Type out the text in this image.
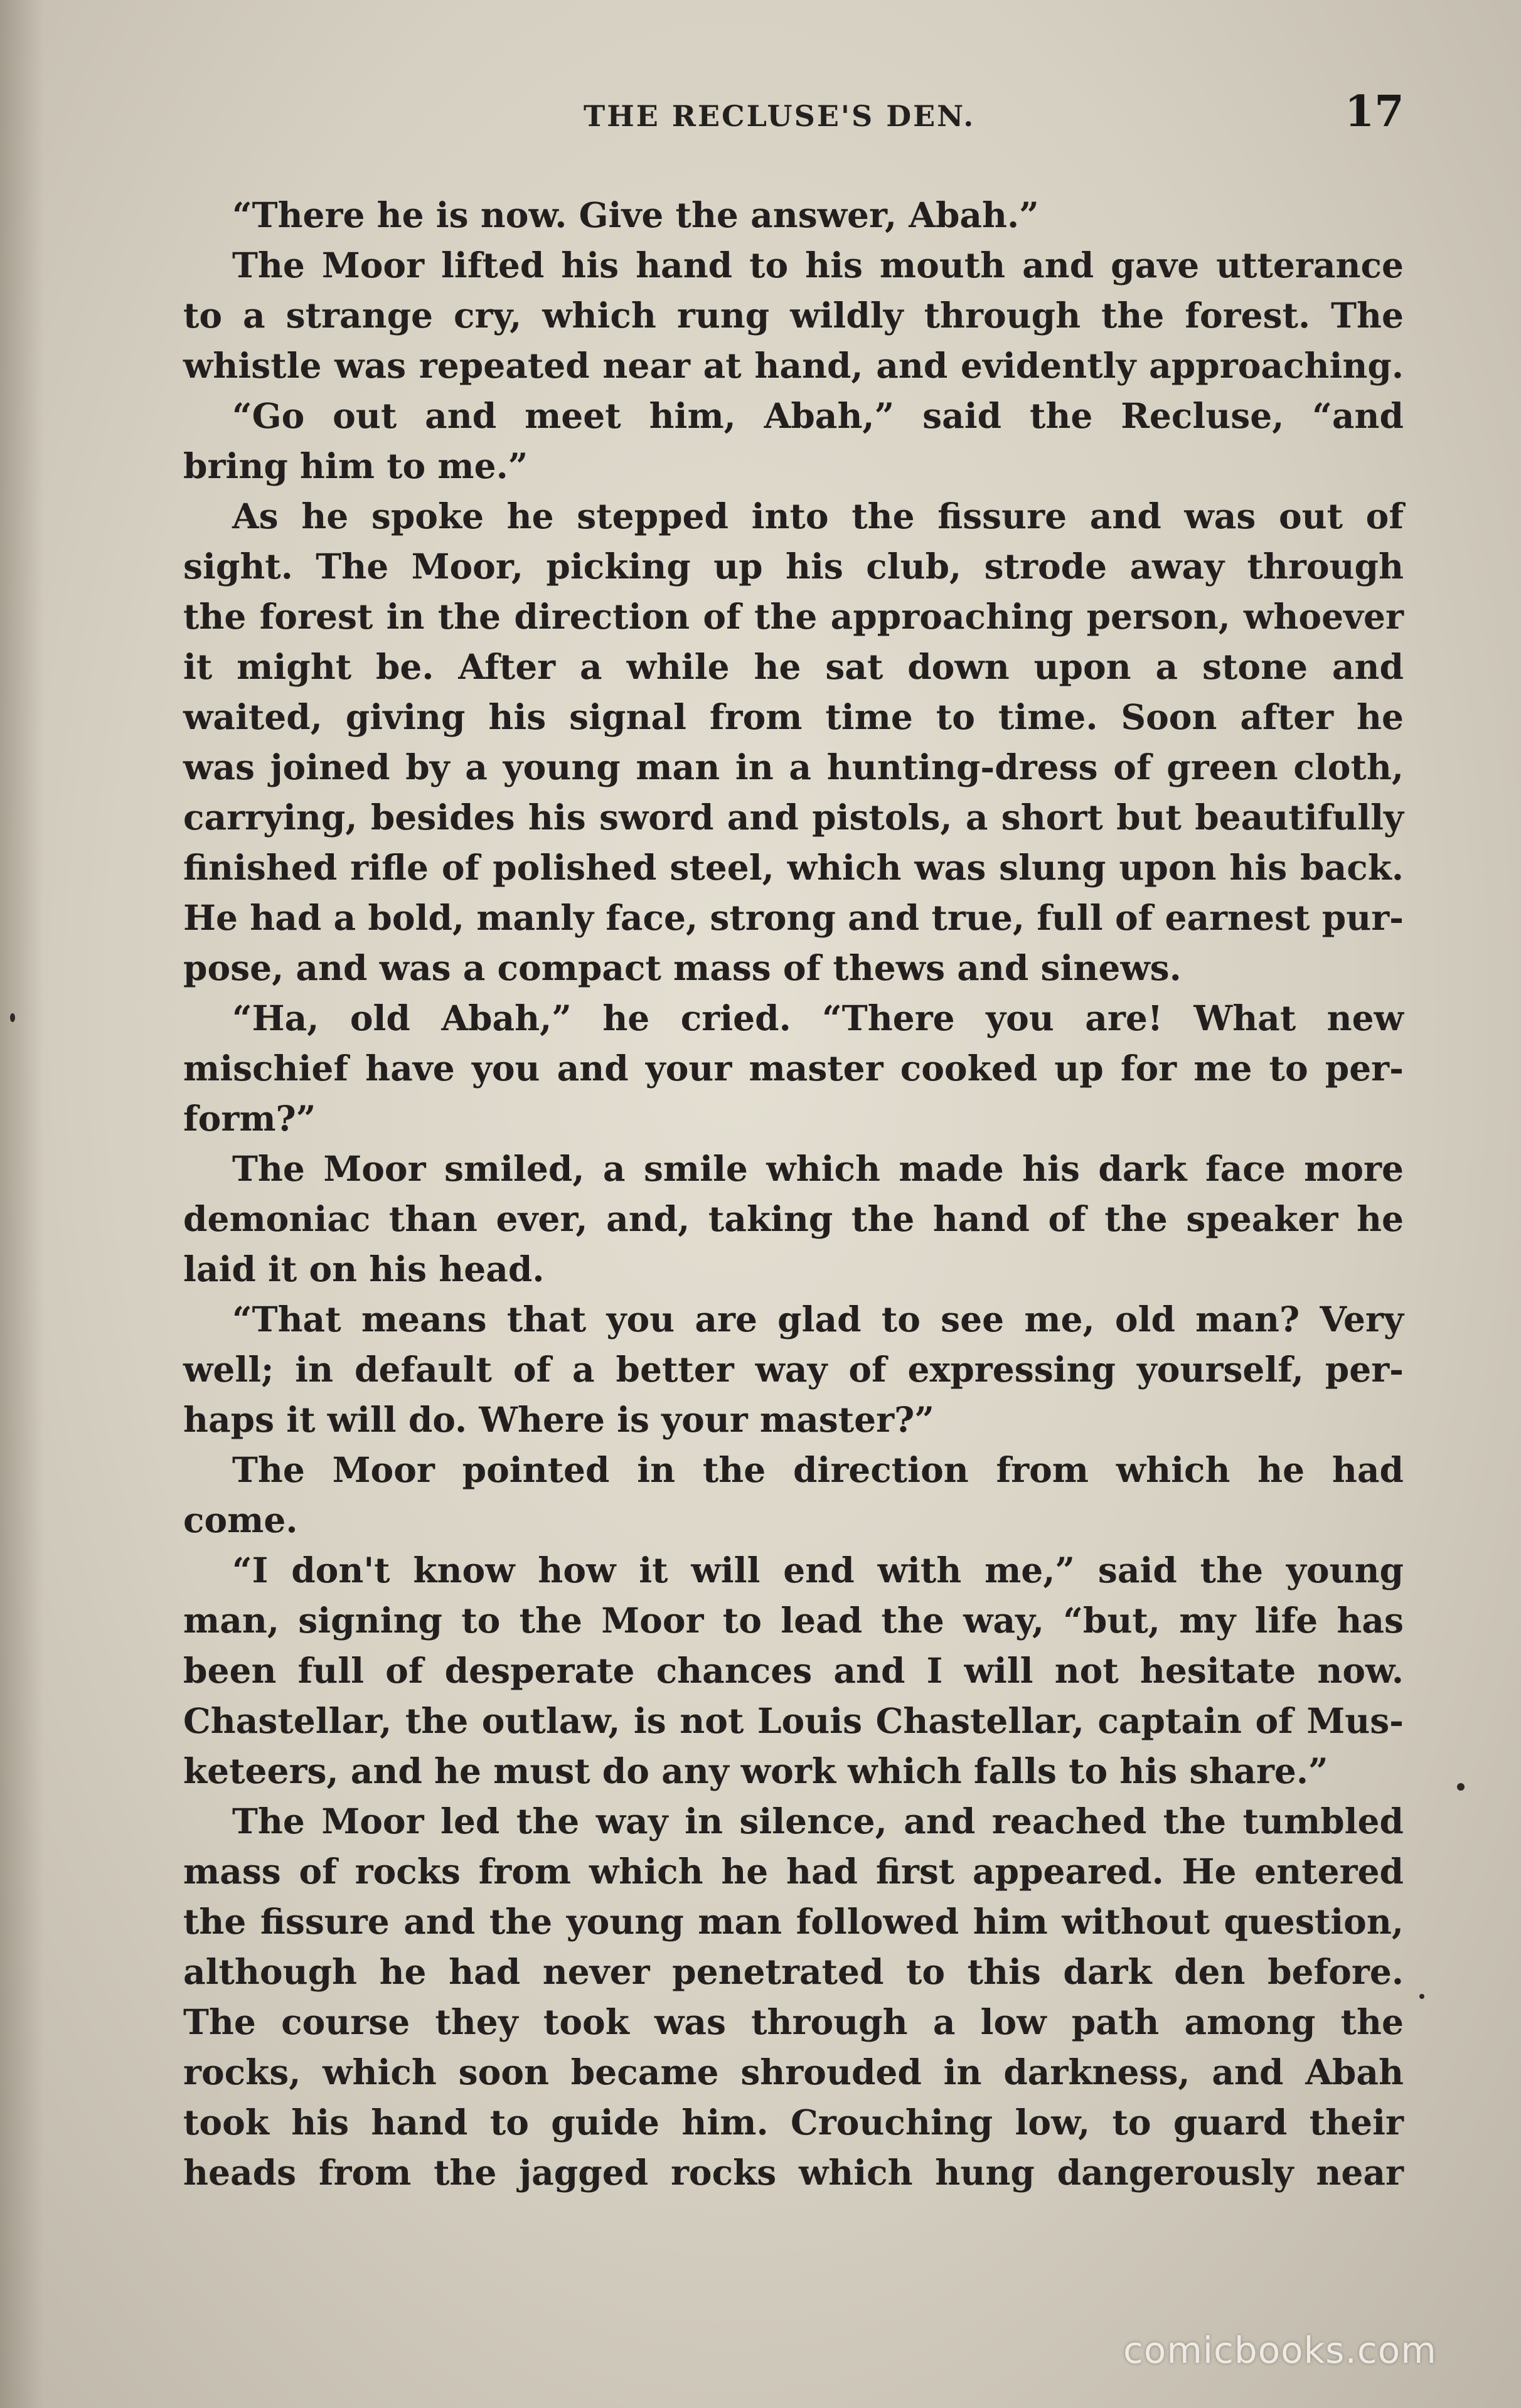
THE RECLUSE'S DEN.	17
“There he is now. Give the answer, Abah.”
The Moor lifted his hand to his mouth and gave utterance
to a strange cry, which rung wildly through the forest. The
whistle was repeated near at hand, and evidently approaching.
“Go out and meet him, Abah,” said the Recluse, “and
bring him to me.”
As he spoke he stepped into the fissure and was out of
sight. The Moor, picking up his club, strode away through
the forest in the direction of the approaching person, whoever
it might be. After a while he sat down upon a stone and
waited, giving his signal from time to time. Soon after he
was joined by a young man in a hunting-dress of green cloth,
carrying, besides his sword and pistols, a short but beautifully
finished rifle of polished steel, which was slung upon his back.
He had a bold, manly face, strong and true, full of earnest pur-
pose, and was a compact mass of thews and sinews.
“Ha, old Abah,” he cried. “There you are! What new
mischief have you and your master cooked up for me to per-
form?”
The Moor smiled, a smile which made his dark face more
demoniac than ever, and, taking the hand of the speaker he
laid it on his head.
“That means that you are glad to see me, old man? Very
well; in default of a better way of expressing yourself, per-
haps it will do. Where is your master?”
The Moor pointed in the direction from which he had
come.
“I don't know how it will end with me,” said the young
man, signing to the Moor to lead the way, “but, my life has
been full of desperate chances and I will not hesitate now.
Chastellar, the outlaw, is not Louis Chastellar, captain of Mus-
keteers, and he must do any work which falls to his share.”
The Moor led the way in silence, and reached the tumbled
mass of rocks from which he had first appeared. He entered
the fissure and the young man followed him without question,
although he had never penetrated to this dark den before.
The course they took was through a low path among the
rocks, which soon became shrouded in darkness, and Abah
took his hand to guide him. Crouching low, to guard their
heads from the jagged rocks which hung dangerously near
comicbooks.com
